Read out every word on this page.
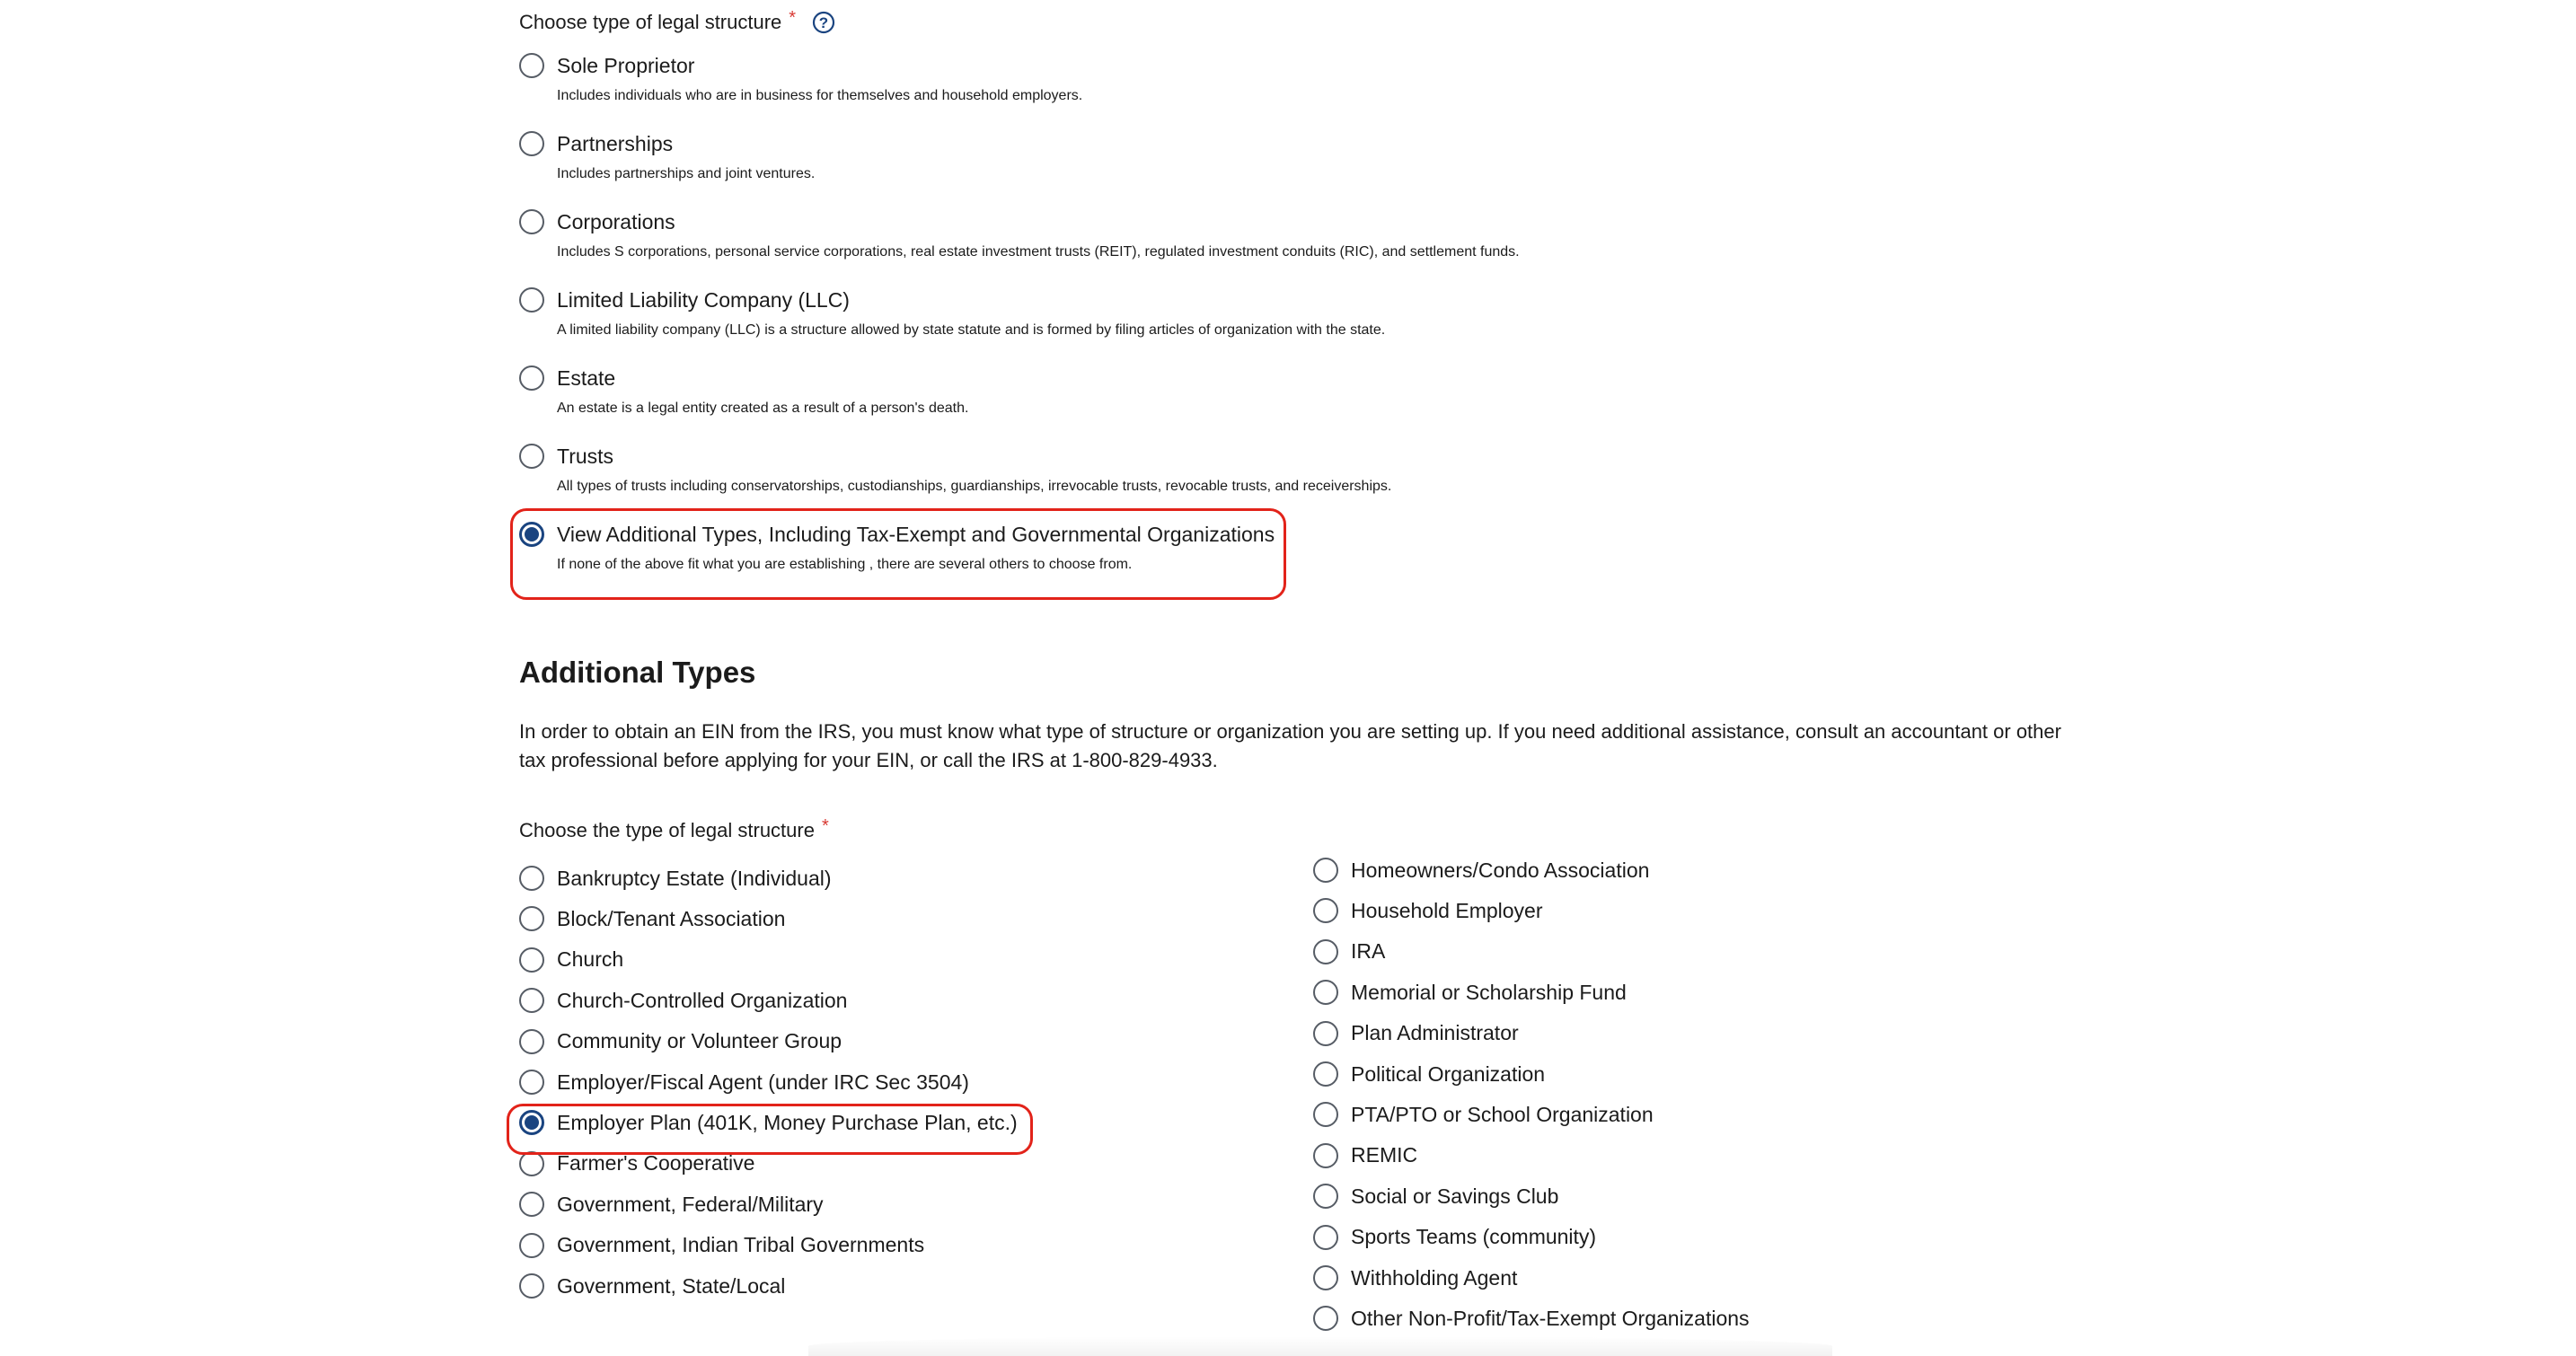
Choose type of legal structure * ?
Sole Proprietor
Includes individuals who are in business for themselves and household employers.
Partnerships
Includes partnerships and joint ventures.
Corporations
Includes S corporations, personal service corporations, real estate investment trusts (REIT), regulated investment conduits (RIC), and settlement funds.
Limited Liability Company (LLC)
A limited liability company (LLC) is a structure allowed by state statute and is formed by filing articles of organization with the state.
Estate
An estate is a legal entity created as a result of a person's death.
Trusts
All types of trusts including conservatorships, custodianships, guardianships, irrevocable trusts, revocable trusts, and receiverships.
View Additional Types, Including Tax-Exempt and Governmental Organizations
If none of the above fit what you are establishing , there are several others to choose from.
Additional Types

In order to obtain an EIN from the IRS, you must know what type of structure or organization you are setting up. If you need additional assistance, consult an accountant or other tax professional before applying for your EIN, or call the IRS at 1-800-829-4933.

Choose the type of legal structure *
Bankruptcy Estate (Individual)
Block/Tenant Association
Church
Church-Controlled Organization
Community or Volunteer Group
Employer/Fiscal Agent (under IRC Sec 3504)
Employer Plan (401K, Money Purchase Plan, etc.)
Farmer's Cooperative
Government, Federal/Military
Government, Indian Tribal Governments
Government, State/Local
Homeowners/Condo Association
Household Employer
IRA
Memorial or Scholarship Fund
Plan Administrator
Political Organization
PTA/PTO or School Organization
REMIC
Social or Savings Club
Sports Teams (community)
Withholding Agent
Other Non-Profit/Tax-Exempt Organizations
